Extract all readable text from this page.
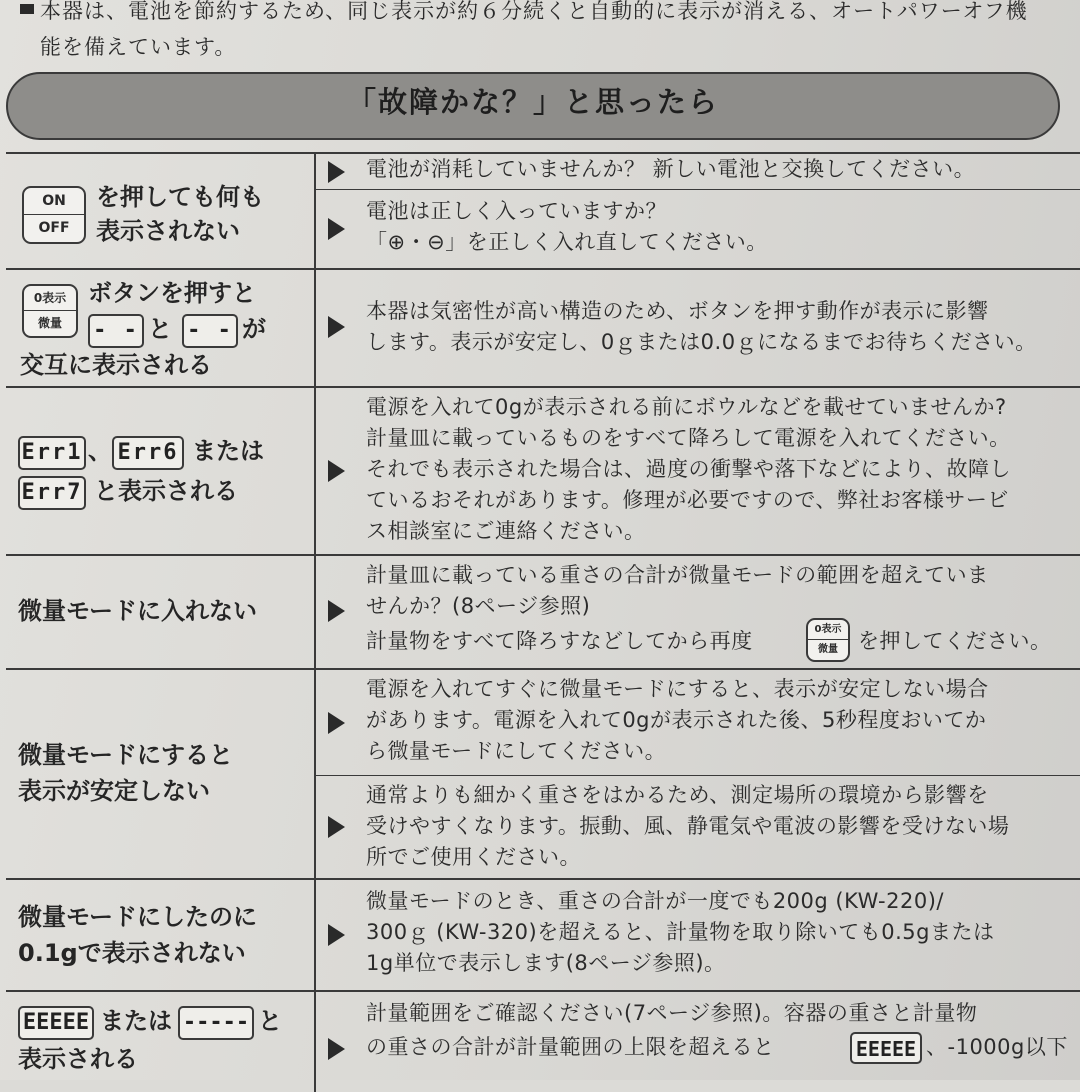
本器は、電池を節約するため、同じ表示が約６分続くと自動的に表示が消える、オートパワーオフ機
能を備えています。
「故障かな？」と思ったら
ON
OFF
を押しても何も
表示されない
電池が消耗していませんか？ 新しい電池と交換してください。
電池は正しく入っていますか？
「⊕・⊖」を正しく入れ直してください。
0表示
微量
ボタンを押すと
- - と - - が
交互に表示される
本器は気密性が高い構造のため、ボタンを押す動作が表示に影響
します。表示が安定し、0ｇまたは0.0ｇになるまでお待ちください。
Err1 、 Err6 または
Err7 と表示される
電源を入れて0gが表示される前にボウルなどを載せていませんか?
計量皿に載っているものをすべて降ろして電源を入れてください。
それでも表示された場合は、過度の衝撃や落下などにより、故障し
ているおそれがあります。修理が必要ですので、弊社お客様サービ
ス相談室にご連絡ください。
微量モードに入れない
計量皿に載っている重さの合計が微量モードの範囲を超えていま
せんか？(8ページ参照)
計量物をすべて降ろすなどしてから再度	0表示
微量 を押してください。
微量モードにすると
表示が安定しない
電源を入れてすぐに微量モードにすると、表示が安定しない場合
があります。電源を入れて0gが表示された後、5秒程度おいてか
ら微量モードにしてください。
通常よりも細かく重さをはかるため、測定場所の環境から影響を
受けやすくなります。振動、風、静電気や電波の影響を受けない場
所でご使用ください。
微量モードにしたのに
0.1gで表示されない
微量モードのとき、重さの合計が一度でも200g (KW-220)/
300ｇ (KW-320)を超えると、計量物を取り除いても0.5gまたは
1g単位で表示します(8ページ参照)。
EEEEE または ----- と
表示される
計量範囲をご確認ください(7ページ参照)。容器の重さと計量物
の重さの合計が計量範囲の上限を超えると	EEEEE 、-1000g以下
